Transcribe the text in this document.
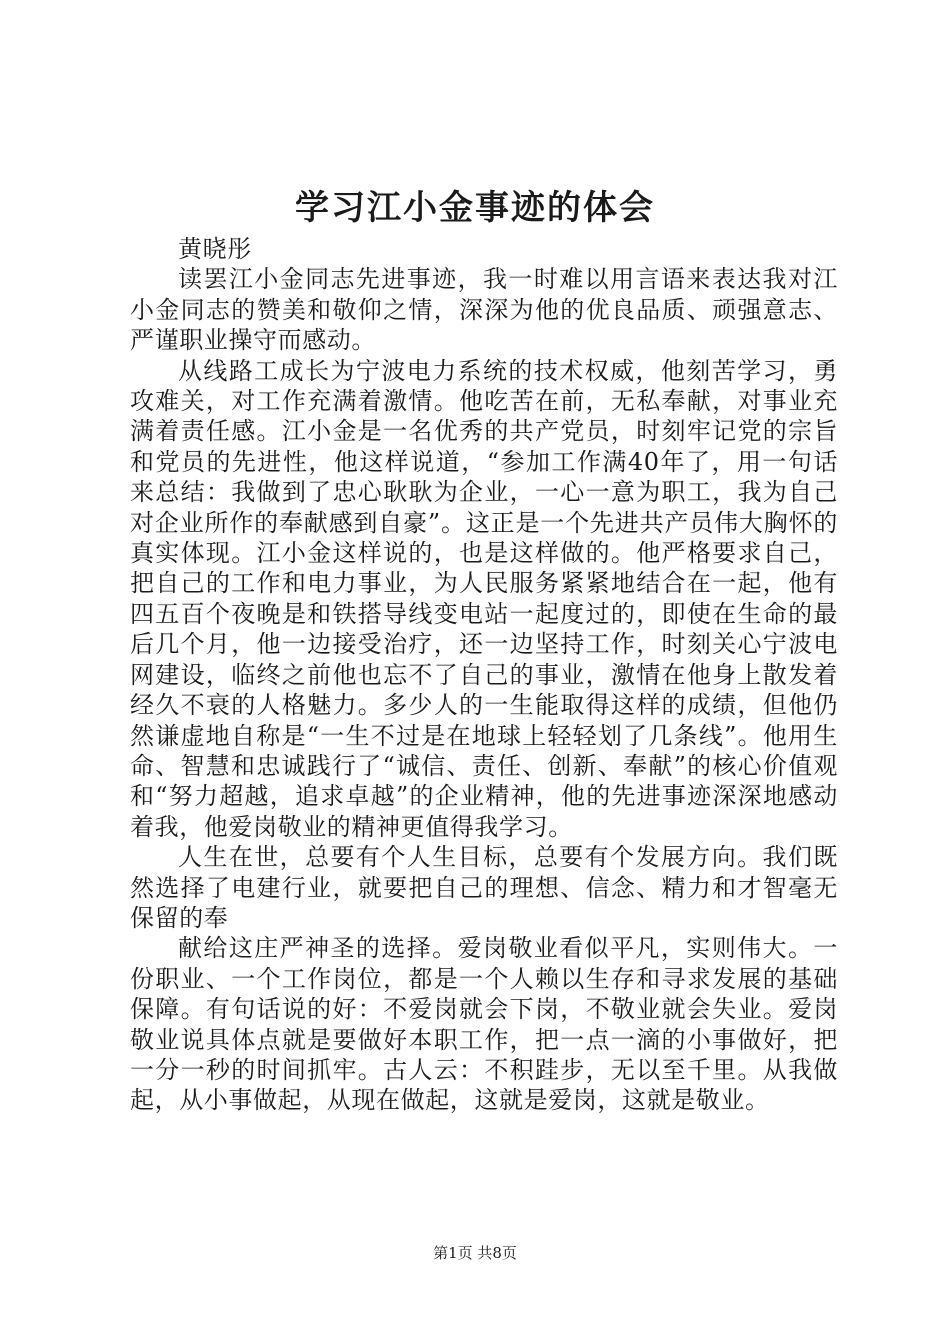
学习江小金事迹的体会

黄晓彤

读罢江小金同志先进事迹，我一时难以用言语来表达我对江小金同志的赞美和敬仰之情，深深为他的优良品质、顽强意志、严谨职业操守而感动。

从线路工成长为宁波电力系统的技术权威，他刻苦学习，勇攻难关，对工作充满着激情。他吃苦在前，无私奉献，对事业充满着责任感。江小金是一名优秀的共产党员，时刻牢记党的宗旨和党员的先进性，他这样说道，“参加工作满40年了，用一句话来总结：我做到了忠心耿耿为企业，一心一意为职工，我为自己对企业所作的奉献感到自豪”。这正是一个先进共产员伟大胸怀的真实体现。江小金这样说的，也是这样做的。他严格要求自己，把自己的工作和电力事业，为人民服务紧紧地结合在一起，他有四五百个夜晚是和铁搭导线变电站一起度过的，即使在生命的最后几个月，他一边接受治疗，还一边坚持工作，时刻关心宁波电网建设，临终之前他也忘不了自己的事业，激情在他身上散发着经久不衰的人格魅力。多少人的一生能取得这样的成绩，但他仍然谦虚地自称是“一生不过是在地球上轻轻划了几条线”。他用生命、智慧和忠诚践行了“诚信、责任、创新、奉献”的核心价值观和“努力超越，追求卓越”的企业精神，他的先进事迹深深地感动着我，他爱岗敬业的精神更值得我学习。

人生在世，总要有个人生目标，总要有个发展方向。我们既然选择了电建行业，就要把自己的理想、信念、精力和才智毫无保留的奉

献给这庄严神圣的选择。爱岗敬业看似平凡，实则伟大。一份职业、一个工作岗位，都是一个人赖以生存和寻求发展的基础保障。有句话说的好：不爱岗就会下岗，不敬业就会失业。爱岗敬业说具体点就是要做好本职工作，把一点一滴的小事做好，把一分一秒的时间抓牢。古人云：不积跬步，无以至千里。从我做起，从小事做起，从现在做起，这就是爱岗，这就是敬业。

第1页 共8页
